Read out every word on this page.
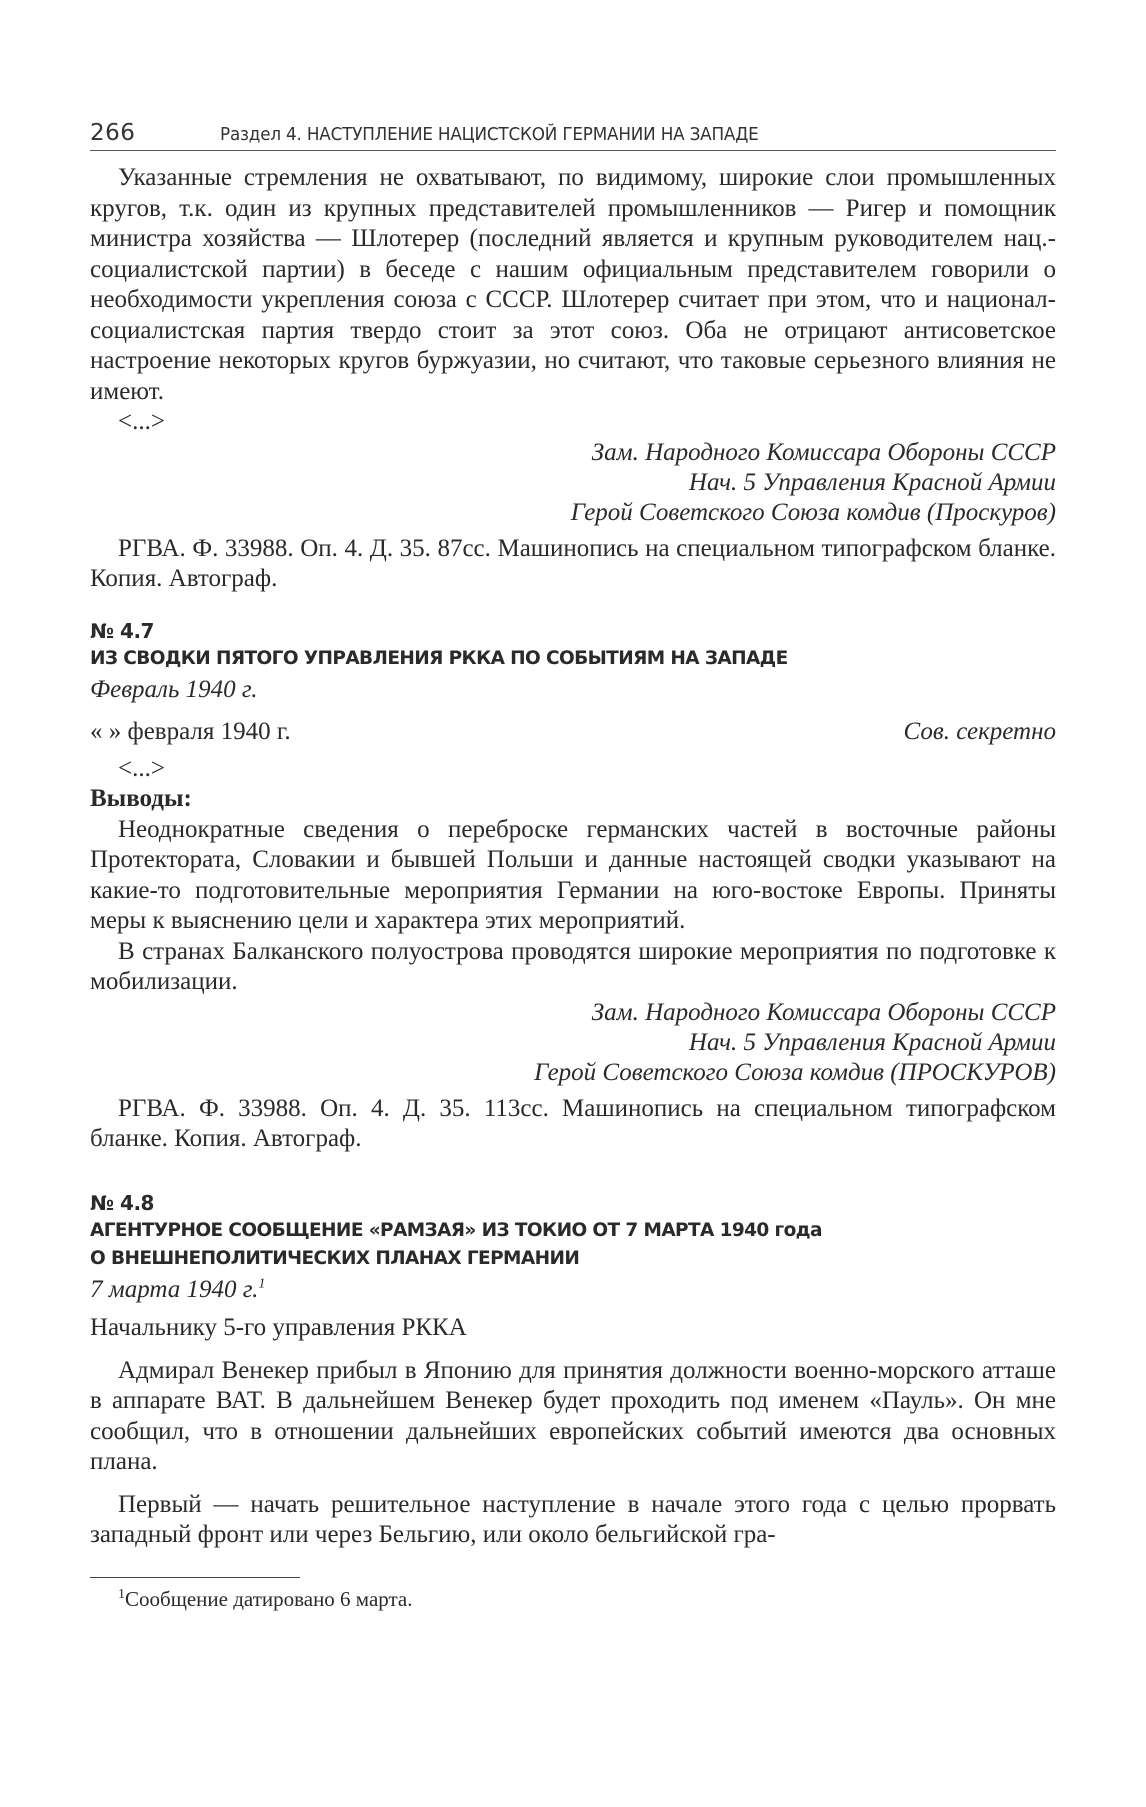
266	Раздел 4. НАСТУПЛЕНИЕ НАЦИСТСКОЙ ГЕРМАНИИ НА ЗАПАДЕ

Указанные стремления не охватывают, по видимому, широкие слои промышленных кругов, т.к. один из крупных представителей промышленников — Ригер и помощник министра хозяйства — Шлотерер (последний является и крупным руководителем нац.-социалистской партии) в беседе с нашим официальным представителем говорили о необходимости укрепления союза с СССР. Шлотерер считает при этом, что и национал-социалистская партия твердо стоит за этот союз. Оба не отрицают антисоветское настроение некоторых кругов буржуазии, но считают, что таковые серьезного влияния не имеют.

<...>

Зам. Народного Комиссара Обороны СССР
Нач. 5 Управления Красной Армии
Герой Советского Союза комдив (Проскуров)

РГВА. Ф. 33988. Оп. 4. Д. 35. 87сс. Машинопись на специальном типографском бланке. Копия. Автограф.

№ 4.7
ИЗ СВОДКИ ПЯТОГО УПРАВЛЕНИЯ РККА ПО СОБЫТИЯМ НА ЗАПАДЕ
Февраль 1940 г.
« » февраля 1940 г.	Сов. секретно

<...>

Выводы:

Неоднократные сведения о переброске германских частей в восточные районы Протектората, Словакии и бывшей Польши и данные настоящей сводки указывают на какие-то подготовительные мероприятия Германии на юго-востоке Европы. Приняты меры к выяснению цели и характера этих мероприятий.

В странах Балканского полуострова проводятся широкие мероприятия по подготовке к мобилизации.

Зам. Народного Комиссара Обороны СССР
Нач. 5 Управления Красной Армии
Герой Советского Союза комдив (ПРОСКУРОВ)

РГВА. Ф. 33988. Оп. 4. Д. 35. 113сс. Машинопись на специальном типографском бланке. Копия. Автограф.

№ 4.8
АГЕНТУРНОЕ СООБЩЕНИЕ «РАМЗАЯ» ИЗ ТОКИО ОТ 7 МАРТА 1940 года
О ВНЕШНЕПОЛИТИЧЕСКИХ ПЛАНАХ ГЕРМАНИИ
7 марта 1940 г.$^1$

Начальнику 5-го управления РККА

Адмирал Венекер прибыл в Японию для принятия должности военно-морского атташе в аппарате ВАТ. В дальнейшем Венекер будет проходить под именем «Пауль». Он мне сообщил, что в отношении дальнейших европейских событий имеются два основных плана.

Первый — начать решительное наступление в начале этого года с целью прорвать западный фронт или через Бельгию, или около бельгийской гра-

$^1$Сообщение датировано 6 марта.
